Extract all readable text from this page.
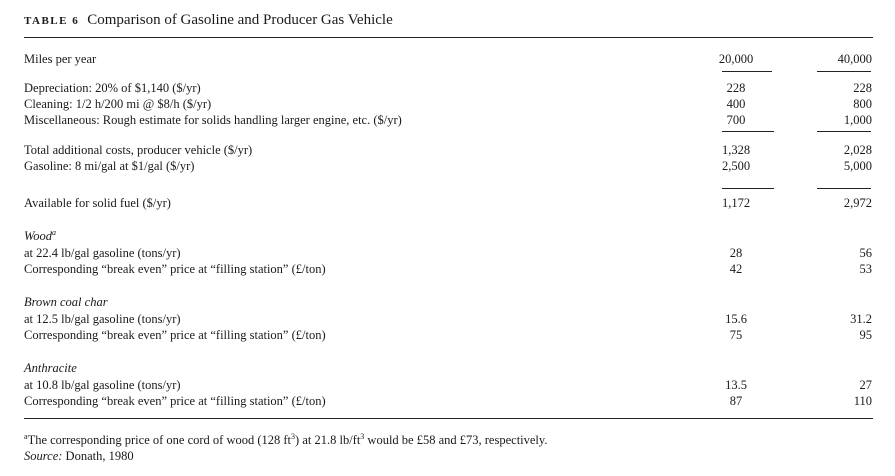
TABLE 6 Comparison of Gasoline and Producer Gas Vehicle
Miles per year	20,000	40,000
Depreciation: 20% of $1,140 ($/yr)	228	228
Cleaning: 1/2 h/200 mi @ $8/h ($/yr)	400	800
Miscellaneous: Rough estimate for solids handling larger engine, etc. ($/yr)	700	1,000
Total additional costs, producer vehicle ($/yr)	1,328	2,028
Gasoline: 8 mi/gal at $1/gal ($/yr)	2,500	5,000
Available for solid fuel ($/yr)	1,172	2,972
Wood$^a$
at 22.4 lb/gal gasoline (tons/yr)	28	56
Corresponding “break even” price at “filling station” (£/ton)	42	53
Brown coal char
at 12.5 lb/gal gasoline (tons/yr)	15.6	31.2
Corresponding “break even” price at “filling station” (£/ton)	75	95
Anthracite
at 10.8 lb/gal gasoline (tons/yr)	13.5	27
Corresponding “break even” price at “filling station” (£/ton)	87	110
$^a$The corresponding price of one cord of wood (128 $ft^3$) at 21.8 $lb/ft^3$ would be £58 and £73, respectively.
Source: Donath, 1980
